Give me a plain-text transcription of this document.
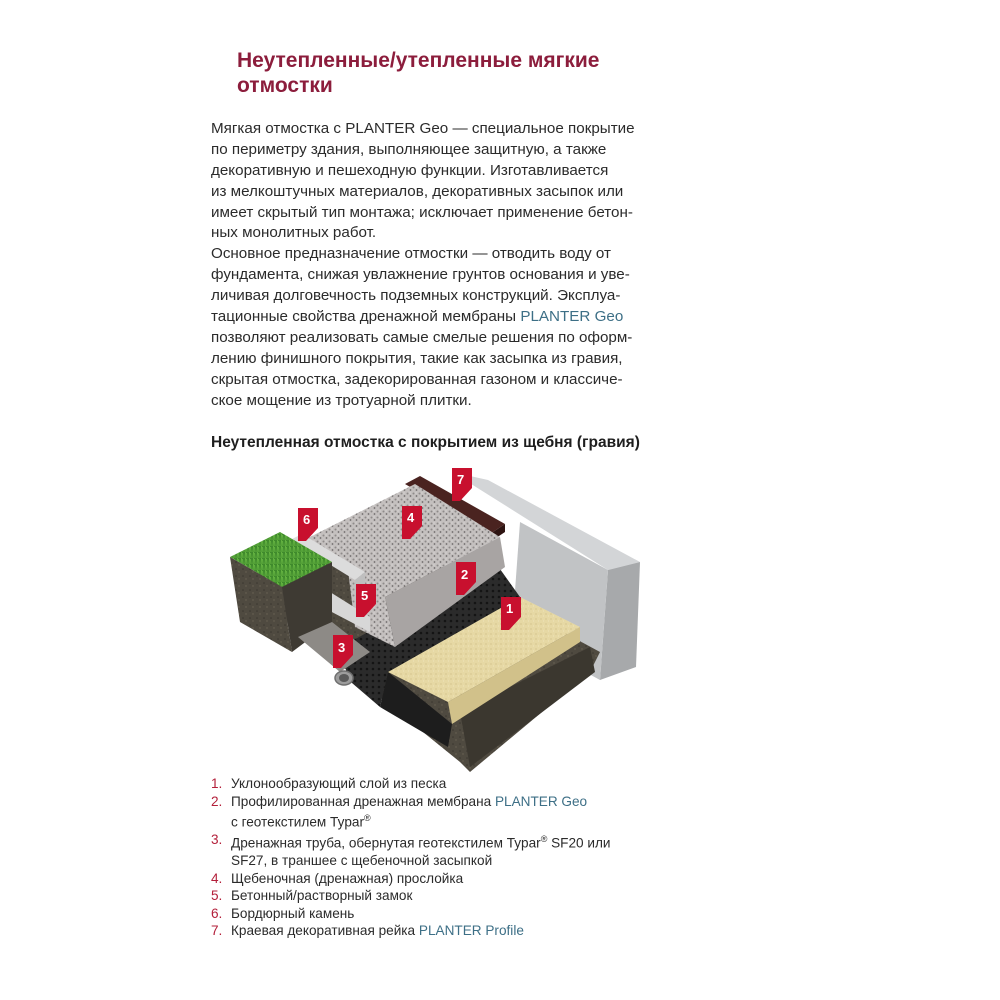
Неутепленные/утепленные мягкие
отмостки
Мягкая отмостка с PLANTER Geo — специальное покрытие
по периметру здания, выполняющее защитную, а также
декоративную и пешеходную функции. Изготавливается
из мелкоштучных материалов, декоративных засыпок или
имеет скрытый тип монтажа; исключает применение бетон-
ных монолитных работ.
Основное предназначение отмостки — отводить воду от
фундамента, снижая увлажнение грунтов основания и уве-
личивая долговечность подземных конструкций. Эксплуа-
тационные свойства дренажной мембраны PLANTER Geo
позволяют реализовать самые смелые решения по оформ-
лению финишного покрытия, такие как засыпка из гравия,
скрытая отмостка, задекорированная газоном и классиче-
ское мощение из тротуарной плитки.
Неутепленная отмостка с покрытием из щебня (гравия)
1
2
3
4
5
6
7
1. Уклонообразующий слой из песка
2. Профилированная дренажная мембрана PLANTER Geo
с геотекстилем Typar®
3. Дренажная труба, обернутая геотекстилем Typar® SF20 или
SF27, в траншее с щебеночной засыпкой
4. Щебеночная (дренажная) прослойка
5. Бетонный/растворный замок
6. Бордюрный камень
7. Краевая декоративная рейка PLANTER Profile
